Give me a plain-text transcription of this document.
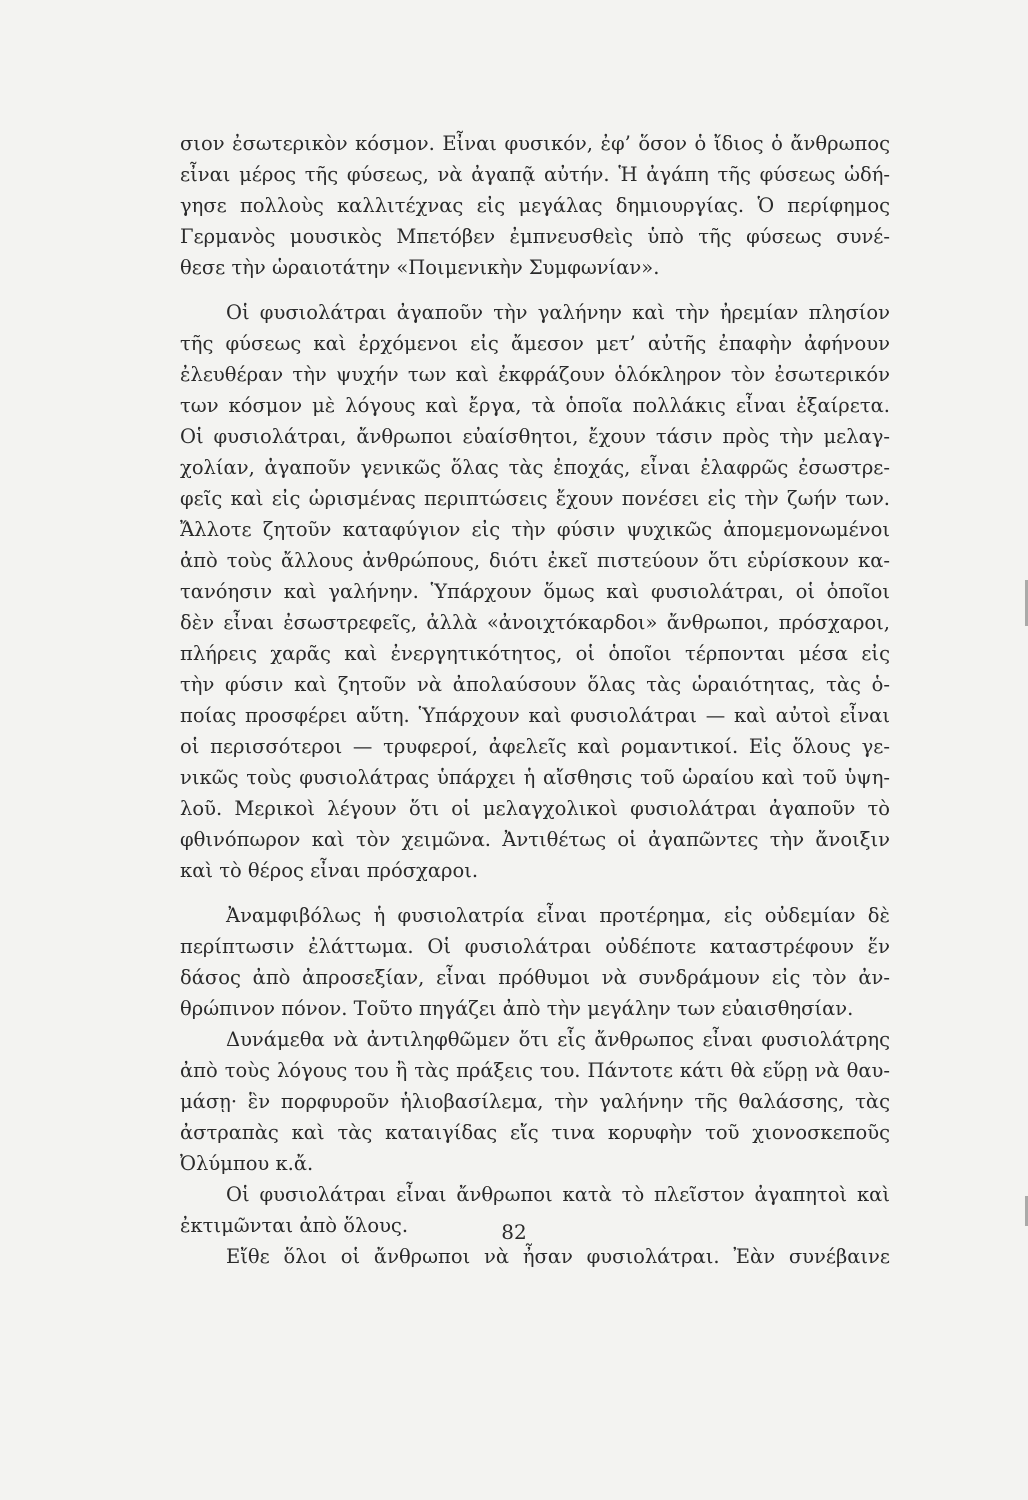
σιον ἐσωτερικὸν κόσμον. Εἶναι φυσικόν, ἐφ’ ὅσον ὁ ἴδιος ὁ ἄνθρωπος
εἶναι μέρος τῆς φύσεως, νὰ ἀγαπᾷ αὐτήν. Ἡ ἀγάπη τῆς φύσεως ὡδή-
γησε πολλοὺς καλλιτέχνας εἰς μεγάλας δημιουργίας. Ὁ περίφημος
Γερμανὸς μουσικὸς Μπετόβεν ἐμπνευσθεὶς ὑπὸ τῆς φύσεως συνέ-
θεσε τὴν ὡραιοτάτην «Ποιμενικὴν Συμφωνίαν».
Οἱ φυσιολάτραι ἀγαποῦν τὴν γαλήνην καὶ τὴν ἠρεμίαν πλησίον
τῆς φύσεως καὶ ἐρχόμενοι εἰς ἄμεσον μετ’ αὐτῆς ἐπαφὴν ἀφήνουν
ἐλευθέραν τὴν ψυχήν των καὶ ἐκφράζουν ὁλόκληρον τὸν ἐσωτερικόν
των κόσμον μὲ λόγους καὶ ἔργα, τὰ ὁποῖα πολλάκις εἶναι ἐξαίρετα.
Οἱ φυσιολάτραι, ἄνθρωποι εὐαίσθητοι, ἔχουν τάσιν πρὸς τὴν μελαγ-
χολίαν, ἀγαποῦν γενικῶς ὅλας τὰς ἐποχάς, εἶναι ἐλαφρῶς ἐσωστρε-
φεῖς καὶ εἰς ὡρισμένας περιπτώσεις ἔχουν πονέσει εἰς τὴν ζωήν των.
Ἄλλοτε ζητοῦν καταφύγιον εἰς τὴν φύσιν ψυχικῶς ἀπομεμονωμένοι
ἀπὸ τοὺς ἄλλους ἀνθρώπους, διότι ἐκεῖ πιστεύουν ὅτι εὑρίσκουν κα-
τανόησιν καὶ γαλήνην. Ὑπάρχουν ὅμως καὶ φυσιολάτραι, οἱ ὁποῖοι
δὲν εἶναι ἐσωστρεφεῖς, ἀλλὰ «ἀνοιχτόκαρδοι» ἄνθρωποι, πρόσχαροι,
πλήρεις χαρᾶς καὶ ἐνεργητικότητος, οἱ ὁποῖοι τέρπονται μέσα εἰς
τὴν φύσιν καὶ ζητοῦν νὰ ἀπολαύσουν ὅλας τὰς ὡραιότητας, τὰς ὁ-
ποίας προσφέρει αὕτη. Ὑπάρχουν καὶ φυσιολάτραι — καὶ αὐτοὶ εἶναι
οἱ περισσότεροι — τρυφεροί, ἀφελεῖς καὶ ρομαντικοί. Εἰς ὅλους γε-
νικῶς τοὺς φυσιολάτρας ὑπάρχει ἡ αἴσθησις τοῦ ὡραίου καὶ τοῦ ὑψη-
λοῦ. Μερικοὶ λέγουν ὅτι οἱ μελαγχολικοὶ φυσιολάτραι ἀγαποῦν τὸ
φθινόπωρον καὶ τὸν χειμῶνα. Ἀντιθέτως οἱ ἀγαπῶντες τὴν ἄνοιξιν
καὶ τὸ θέρος εἶναι πρόσχαροι.
Ἀναμφιβόλως ἡ φυσιολατρία εἶναι προτέρημα, εἰς οὐδεμίαν δὲ
περίπτωσιν ἐλάττωμα. Οἱ φυσιολάτραι οὐδέποτε καταστρέφουν ἕν
δάσος ἀπὸ ἀπροσεξίαν, εἶναι πρόθυμοι νὰ συνδράμουν εἰς τὸν ἀν-
θρώπινον πόνον. Τοῦτο πηγάζει ἀπὸ τὴν μεγάλην των εὐαισθησίαν.
Δυνάμεθα νὰ ἀντιληφθῶμεν ὅτι εἷς ἄνθρωπος εἶναι φυσιολάτρης
ἀπὸ τοὺς λόγους του ἢ τὰς πράξεις του. Πάντοτε κάτι θὰ εὕρῃ νὰ θαυ-
μάσῃ· ἓν πορφυροῦν ἡλιοβασίλεμα, τὴν γαλήνην τῆς θαλάσσης, τὰς
ἀστραπὰς καὶ τὰς καταιγίδας εἴς τινα κορυφὴν τοῦ χιονοσκεποῦς
Ὀλύμπου κ.ἄ.
Οἱ φυσιολάτραι εἶναι ἄνθρωποι κατὰ τὸ πλεῖστον ἀγαπητοὶ καὶ
ἐκτιμῶνται ἀπὸ ὅλους.
Εἴθε ὅλοι οἱ ἄνθρωποι νὰ ἦσαν φυσιολάτραι. Ἐὰν συνέβαινε
82
